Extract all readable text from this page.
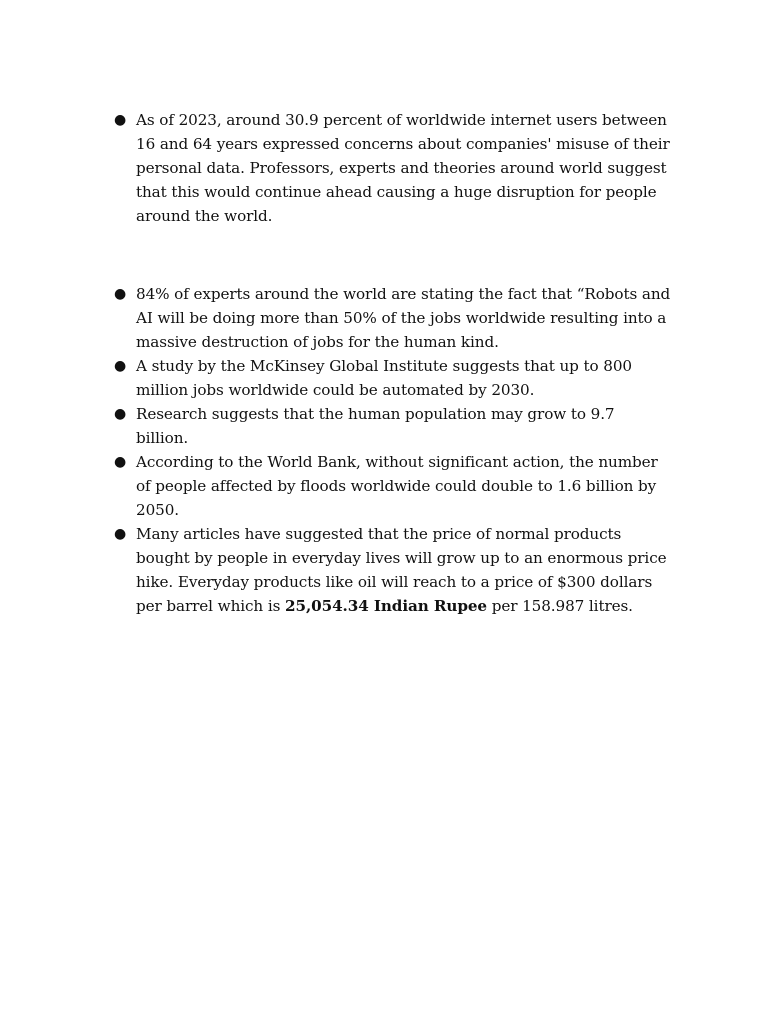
● As of 2023, around 30.9 percent of worldwide internet users between 16 and 64 years expressed concerns about companies' misuse of their personal data. Professors, experts and theories around world suggest that this would continue ahead causing a huge disruption for people around the world.
● 84% of experts around the world are stating the fact that “Robots and AI will be doing more than 50% of the jobs worldwide resulting into a massive destruction of jobs for the human kind.
● A study by the McKinsey Global Institute suggests that up to 800 million jobs worldwide could be automated by 2030.
● Research suggests that the human population may grow to 9.7 billion.
● According to the World Bank, without significant action, the number of people affected by floods worldwide could double to 1.6 billion by 2050.
● Many articles have suggested that the price of normal products bought by people in everyday lives will grow up to an enormous price hike. Everyday products like oil will reach to a price of $300 dollars per barrel which is 25,054.34 Indian Rupee per 158.987 litres.
